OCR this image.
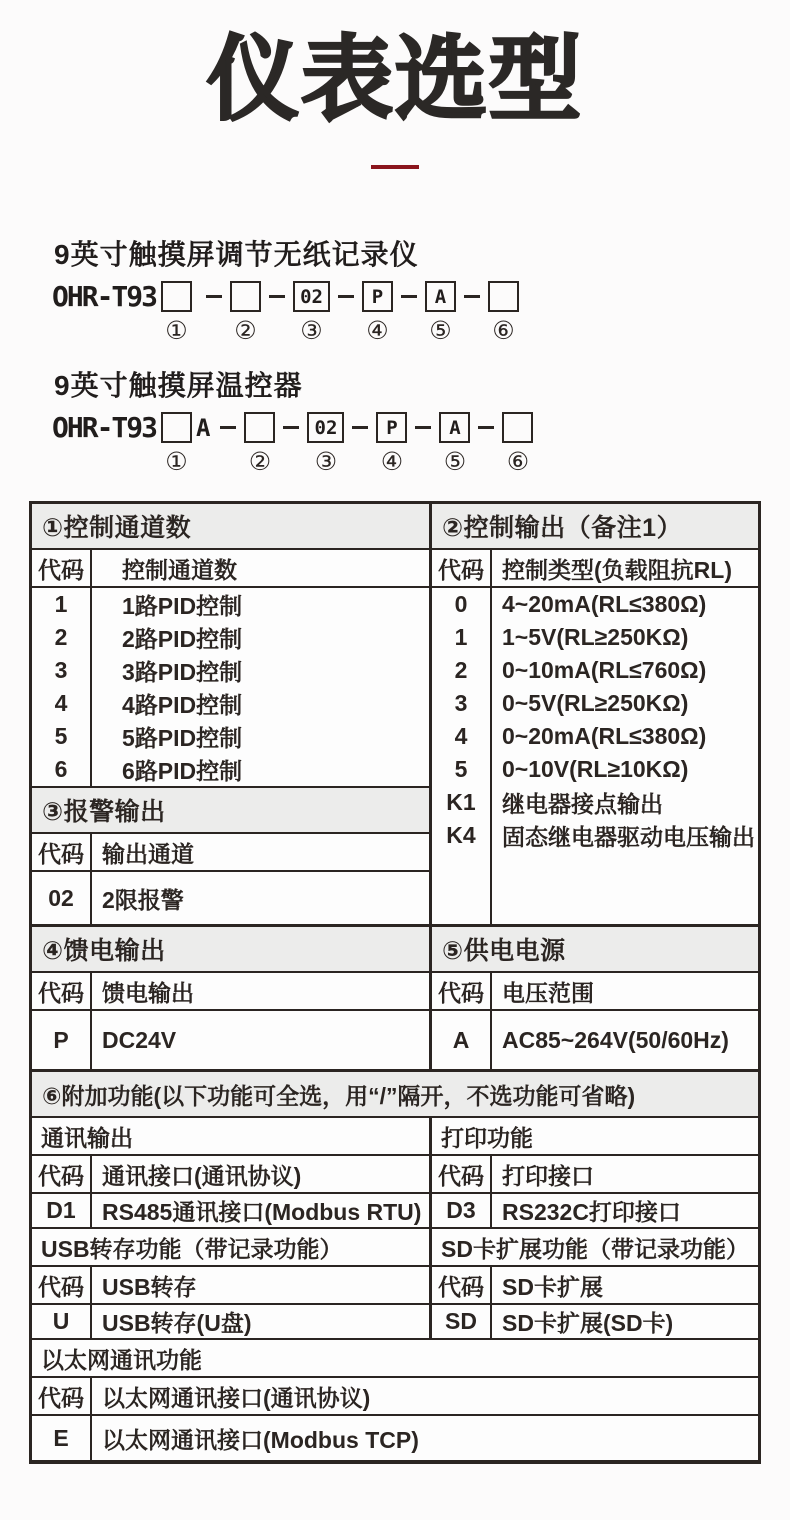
仪表选型
9英寸触摸屏调节无纸记录仪
OHR-T93
① ②
02
③
P
④
A
⑤ ⑥
9英寸触摸屏温控器
OHR-T93
①
A
②
02
③
P
④
A
⑤ ⑥
①控制通道数
代码	控制通道数
1	1路PID控制
2	2路PID控制
3	3路PID控制
4	4路PID控制
5	5路PID控制
6	6路PID控制
③报警输出
代码 输出通道
02	2限报警
②控制输出（备注1）
代码 控制类型(负载阻抗RL)
0	4~20mA(RL≤380Ω)
1	1~5V(RL≥250KΩ)
2	0~10mA(RL≤760Ω)
3	0~5V(RL≥250KΩ)
4	0~20mA(RL≤380Ω)
5	0~10V(RL≥10KΩ)
K1	继电器接点输出
K4	固态继电器驱动电压输出
④馈电输出
代码 馈电输出
P	DC24V
⑤供电电源
代码 电压范围
A	AC85~264V(50/60Hz)
⑥附加功能(以下功能可全选，用“/”隔开，不选功能可省略)
通讯输出
代码 通讯接口(通讯协议)
D1	RS485通讯接口(Modbus RTU)
打印功能
代码 打印接口
D3	RS232C打印接口
USB转存功能（带记录功能）
代码 USB转存
U	USB转存(U盘)
SD卡扩展功能（带记录功能）
代码 SD卡扩展
SD	SD卡扩展(SD卡)
以太网通讯功能
代码 以太网通讯接口(通讯协议)
E	以太网通讯接口(Modbus TCP)
